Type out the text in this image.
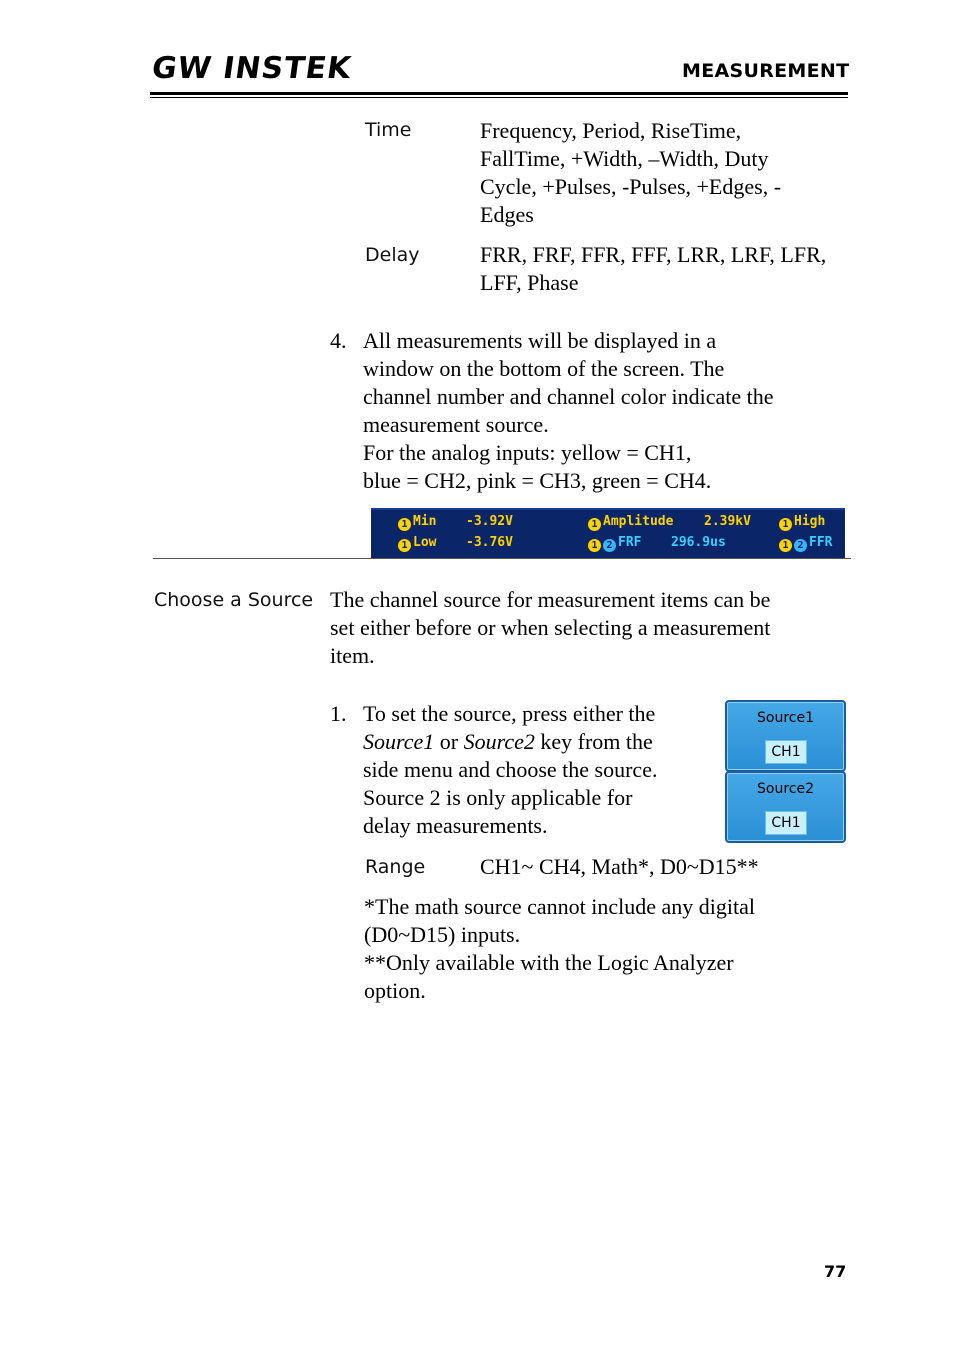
GW INSTEK	MEASUREMENT
Time	Frequency, Period, RiseTime,
FallTime, +Width, –Width, Duty
Cycle, +Pulses, -Pulses, +Edges, -
Edges
Delay	FRR, FRF, FFR, FFF, LRR, LRF, LFR,
LFF, Phase
4. All measurements will be displayed in a
window on the bottom of the screen. The
channel number and channel color indicate the
measurement source.
For the analog inputs: yellow = CH1,
blue = CH2, pink = CH3, green = CH4.
1 Min -3.92V	1 Amplitude 2.39kV	1 High
1 Low -3.76V	1 2 FRF 296.9us	1 2 FFR
Choose a Source The channel source for measurement items can be
set either before or when selecting a measurement
item.
1. To set the source, press either the
Source1 or Source2 key from the
side menu and choose the source.
Source 2 is only applicable for
delay measurements.
Source1
CH1
Source2
CH1
Range CH1~ CH4, Math*, D0~D15**
*The math source cannot include any digital
(D0~D15) inputs.
**Only available with the Logic Analyzer
option.
77
